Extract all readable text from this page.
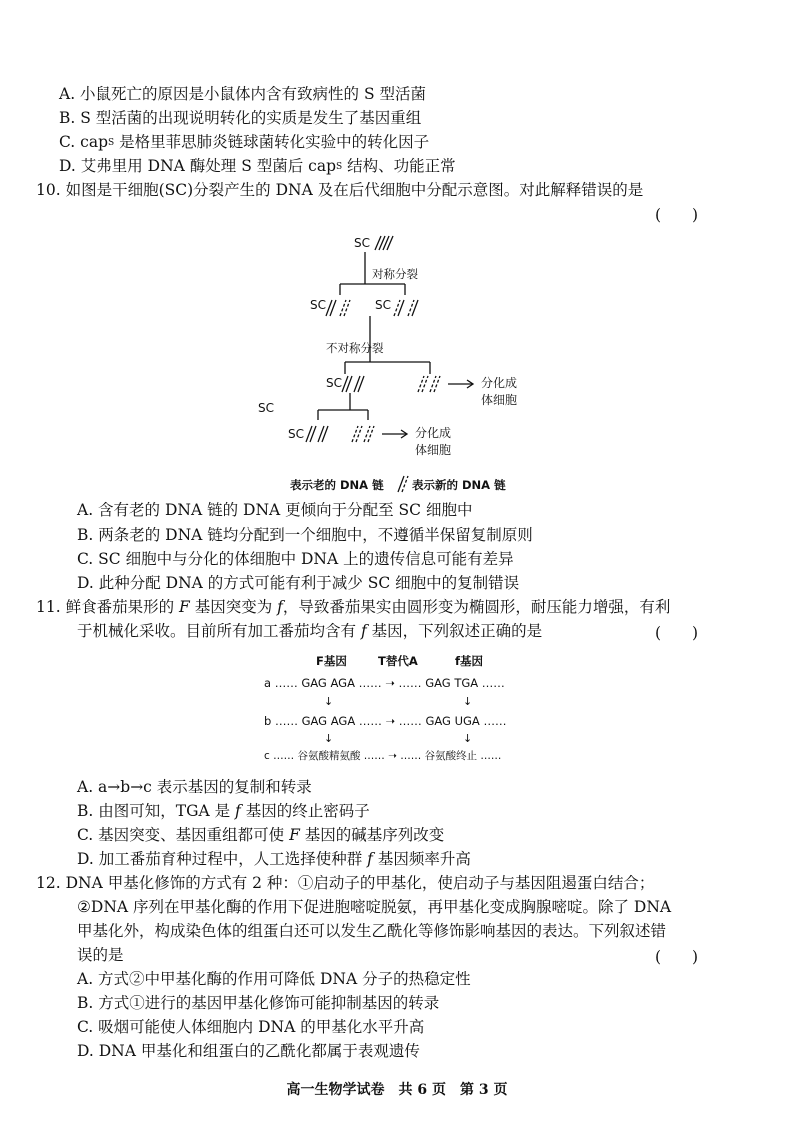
A. 小鼠死亡的原因是小鼠体内含有致病性的 S 型活菌
B. S 型活菌的出现说明转化的实质是发生了基因重组
C. cap$^S$ 是格里菲思肺炎链球菌转化实验中的转化因子
D. 艾弗里用 DNA 酶处理 S 型菌后 cap$^S$ 结构、功能正常
10. 如图是干细胞(SC)分裂产生的 DNA 及在后代细胞中分配示意图。对此解释错误的是
(　　)
SC
对称分裂
SC	SC
不对称分裂
SC	分化成
体细胞
SC
SC	分化成
体细胞
表示老的 DNA 链 表示新的 DNA 链
A. 含有老的 DNA 链的 DNA 更倾向于分配至 SC 细胞中
B. 两条老的 DNA 链均分配到一个细胞中，不遵循半保留复制原则
C. SC 细胞中与分化的体细胞中 DNA 上的遗传信息可能有差异
D. 此种分配 DNA 的方式可能有利于减少 SC 细胞中的复制错误
11. 鲜食番茄果形的 F 基因突变为 f，导致番茄果实由圆形变为椭圆形，耐压能力增强，有利
于机械化采收。目前所有加工番茄均含有 f 基因，下列叙述正确的是	(　　)
F基因	T替代A	f基因
a …… GAG AGA …… ➝ …… GAG TGA ……
↓	↓
b …… GAG AGA …… ➝ …… GAG UGA ……
↓	↓
c …… 谷氨酸精氨酸 …… ➝ …… 谷氨酸终止 ……
A. a→b→c 表示基因的复制和转录
B. 由图可知，TGA 是 f 基因的终止密码子
C. 基因突变、基因重组都可使 F 基因的碱基序列改变
D. 加工番茄育种过程中，人工选择使种群 f 基因频率升高
12. DNA 甲基化修饰的方式有 2 种：①启动子的甲基化，使启动子与基因阻遏蛋白结合；
②DNA 序列在甲基化酶的作用下促进胞嘧啶脱氨，再甲基化变成胸腺嘧啶。除了 DNA
甲基化外，构成染色体的组蛋白还可以发生乙酰化等修饰影响基因的表达。下列叙述错
误的是	(　　)
A. 方式②中甲基化酶的作用可降低 DNA 分子的热稳定性
B. 方式①进行的基因甲基化修饰可能抑制基因的转录
C. 吸烟可能使人体细胞内 DNA 的甲基化水平升高
D. DNA 甲基化和组蛋白的乙酰化都属于表观遗传
高一生物学试卷　共 6 页　第 3 页
